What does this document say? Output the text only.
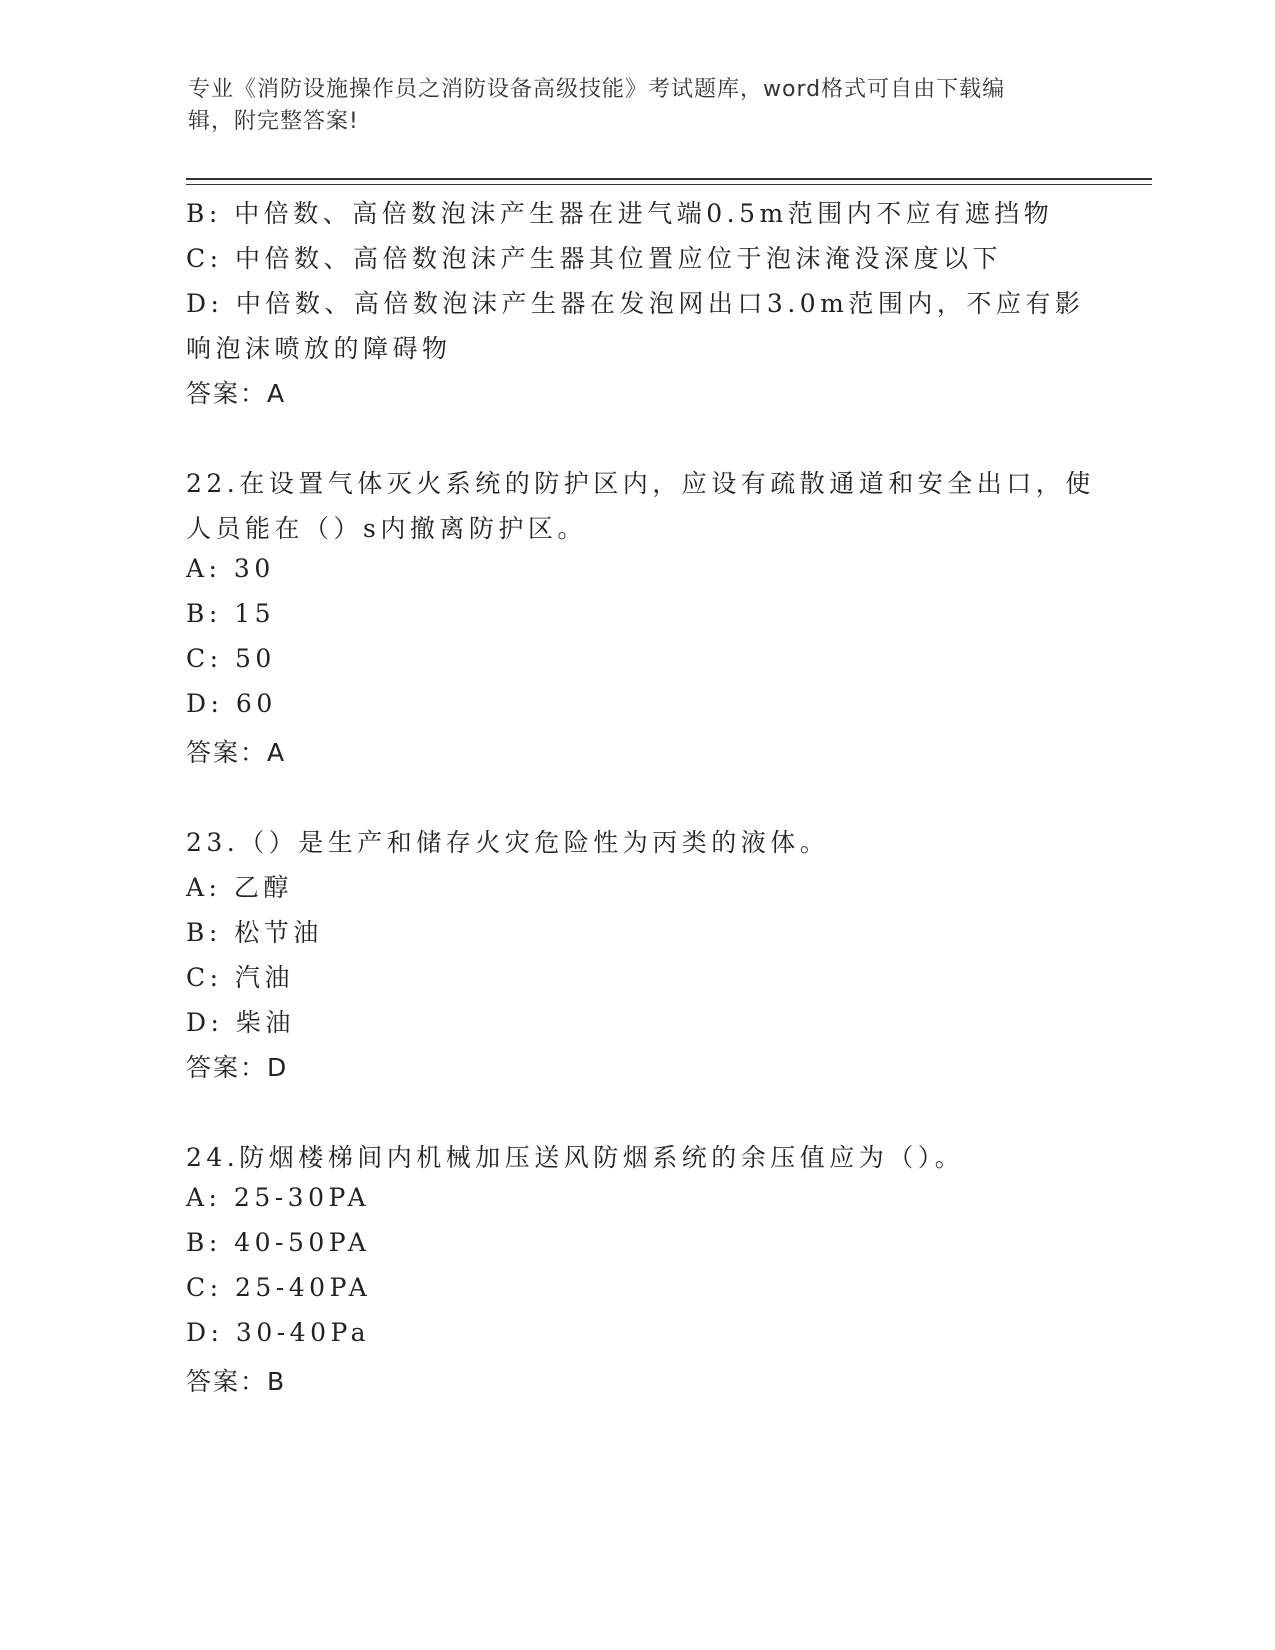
专业《消防设施操作员之消防设备高级技能》考试题库，word格式可自由下载编
辑，附完整答案!
B: 中倍数、高倍数泡沫产生器在进气端0.5m范围内不应有遮挡物
C: 中倍数、高倍数泡沫产生器其位置应位于泡沫淹没深度以下
D: 中倍数、高倍数泡沫产生器在发泡网出口3.0m范围内，不应有影
响泡沫喷放的障碍物
答案：A
22.在设置气体灭火系统的防护区内，应设有疏散通道和安全出口，使
人员能在（）s内撤离防护区。
A: 30
B: 15
C: 50
D: 60
答案：A
23.（）是生产和储存火灾危险性为丙类的液体。
A: 乙醇
B: 松节油
C: 汽油
D: 柴油
答案：D
24.防烟楼梯间内机械加压送风防烟系统的余压值应为（）。
A: 25-30PA
B: 40-50PA
C: 25-40PA
D: 30-40Pa
答案：B
